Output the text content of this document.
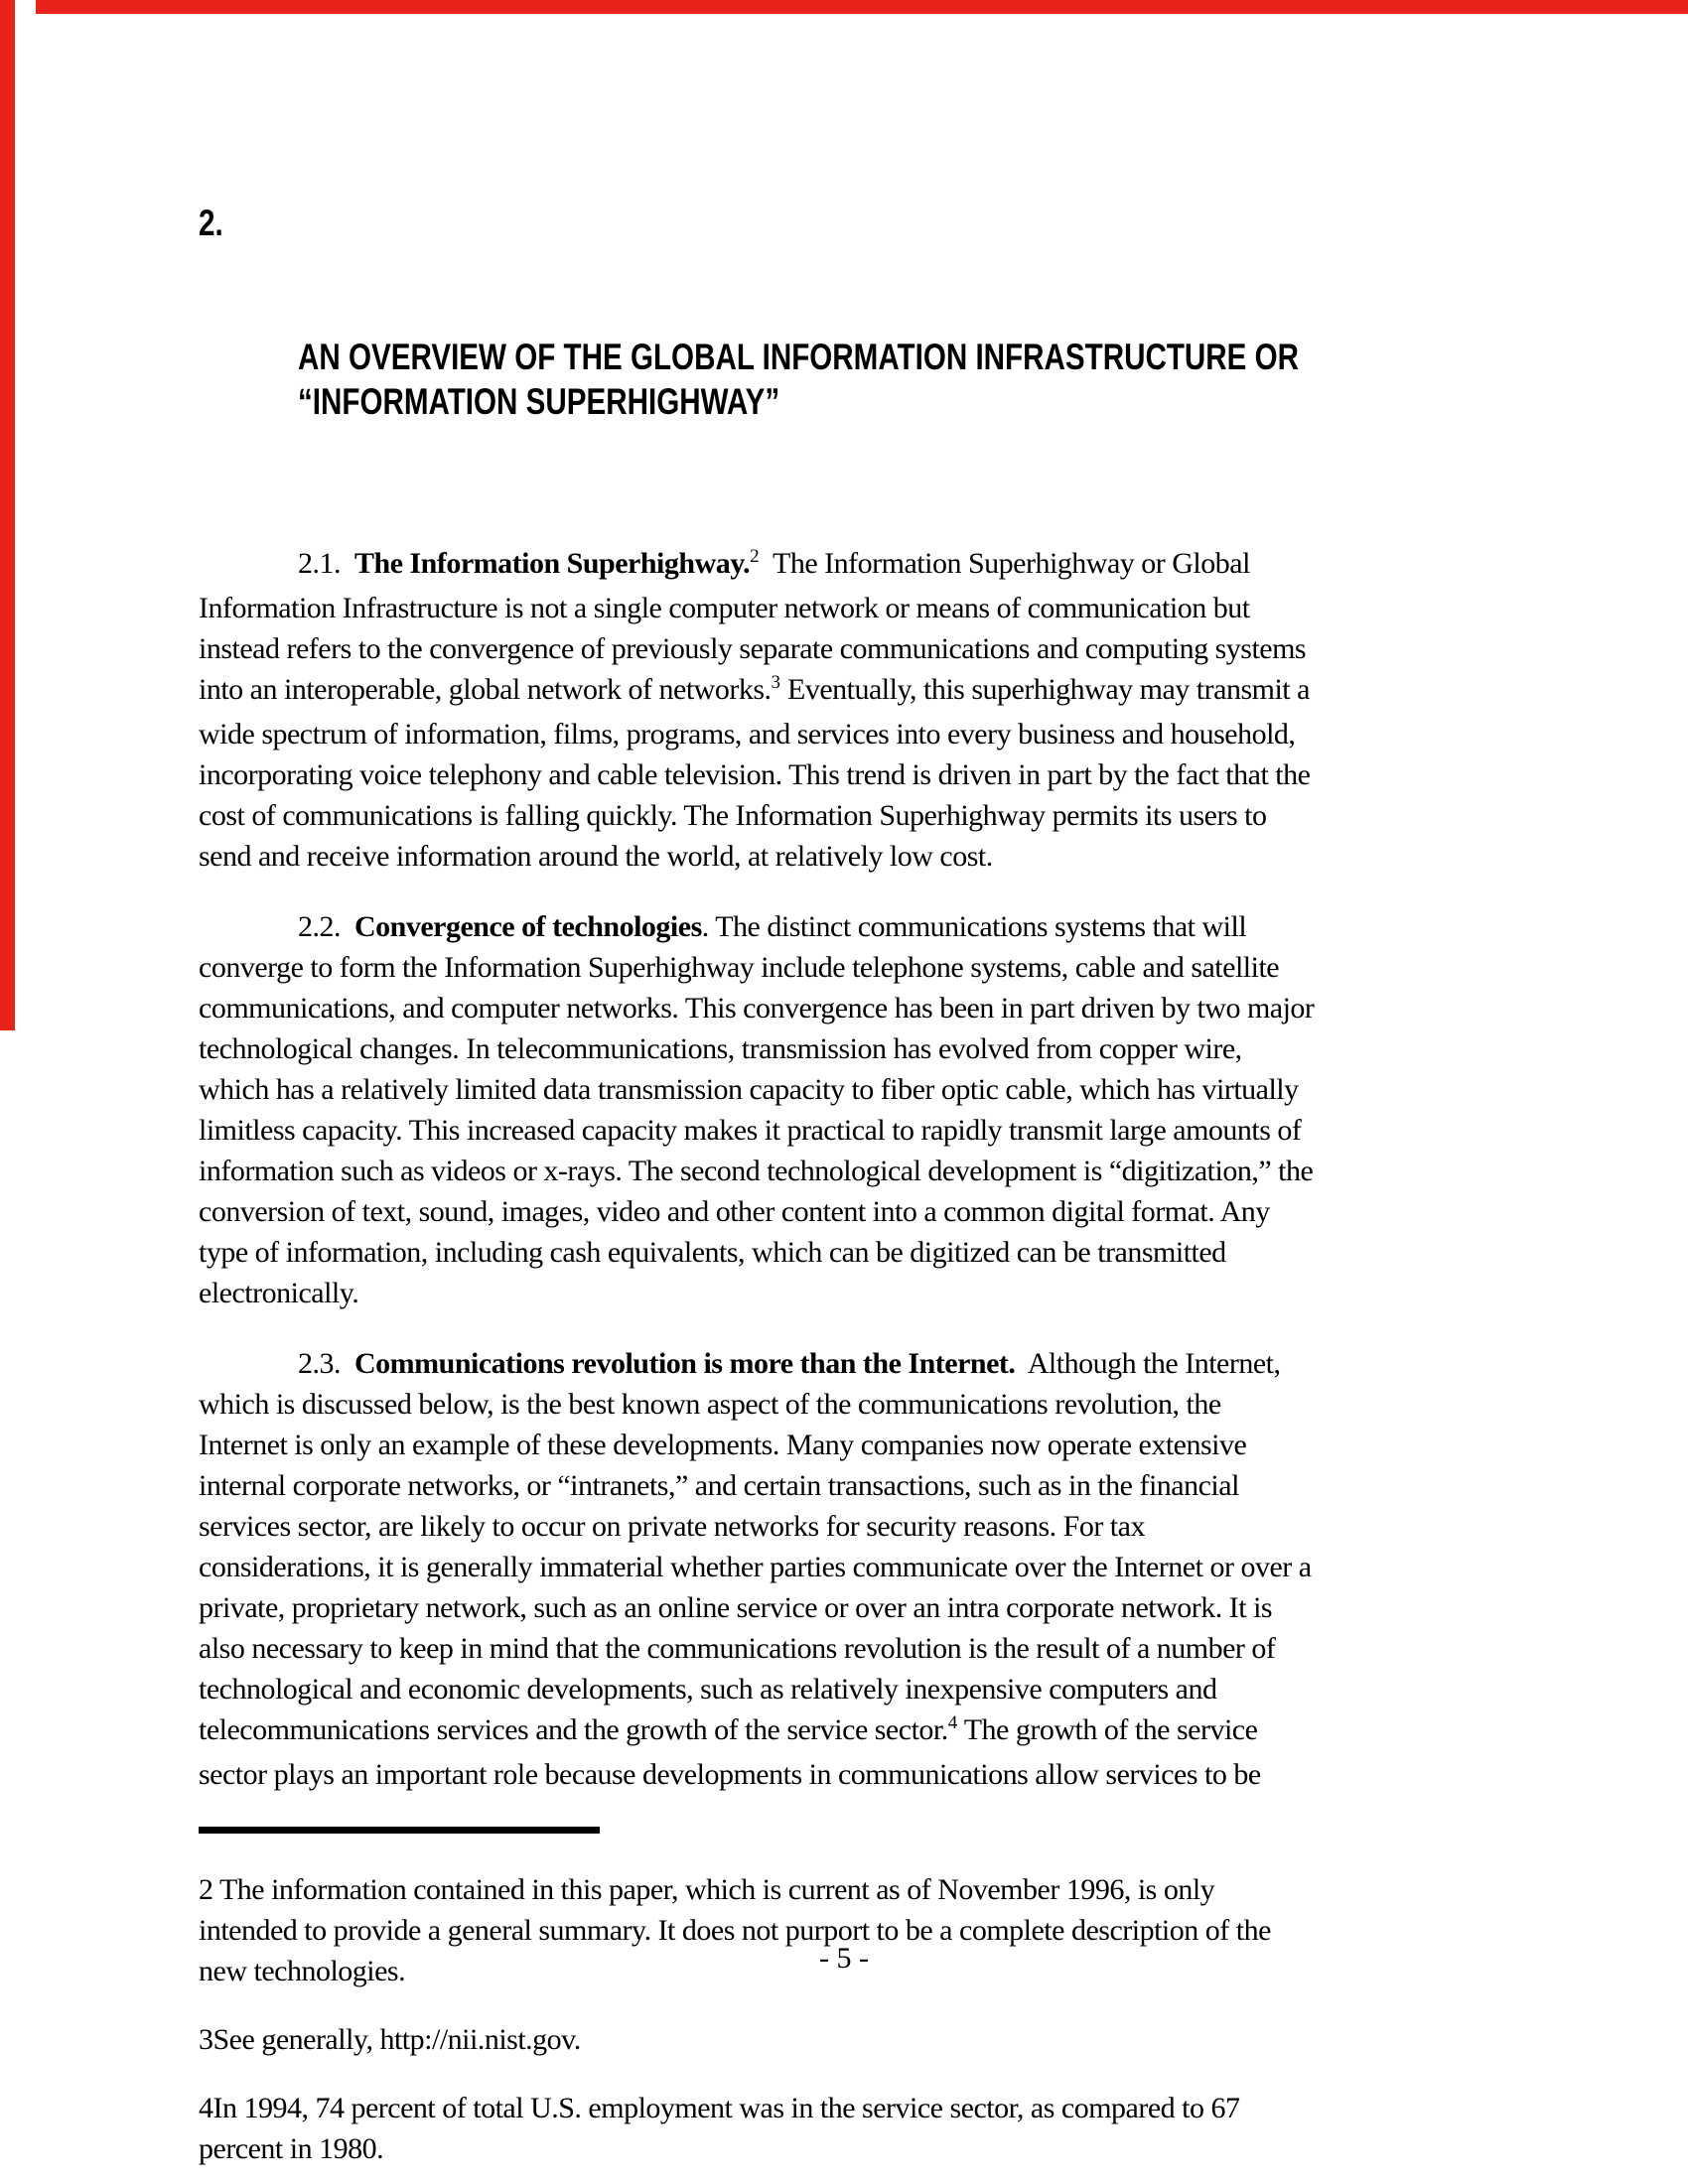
2.

AN OVERVIEW OF THE GLOBAL INFORMATION INFRASTRUCTURE OR
“INFORMATION SUPERHIGHWAY”

2.1.  The Information Superhighway.$^2$  The Information Superhighway or Global
Information Infrastructure is not a single computer network or means of communication but
instead refers to the convergence of previously separate communications and computing systems
into an interoperable, global network of networks.$^3$ Eventually, this superhighway may transmit a
wide spectrum of information, films, programs, and services into every business and household,
incorporating voice telephony and cable television. This trend is driven in part by the fact that the
cost of communications is falling quickly. The Information Superhighway permits its users to
send and receive information around the world, at relatively low cost.
2.2.  Convergence of technologies. The distinct communications systems that will
converge to form the Information Superhighway include telephone systems, cable and satellite
communications, and computer networks. This convergence has been in part driven by two major
technological changes. In telecommunications, transmission has evolved from copper wire,
which has a relatively limited data transmission capacity to fiber optic cable, which has virtually
limitless capacity. This increased capacity makes it practical to rapidly transmit large amounts of
information such as videos or x-rays. The second technological development is “digitization,” the
conversion of text, sound, images, video and other content into a common digital format. Any
type of information, including cash equivalents, which can be digitized can be transmitted
electronically.
2.3.  Communications revolution is more than the Internet.  Although the Internet,
which is discussed below, is the best known aspect of the communications revolution, the
Internet is only an example of these developments. Many companies now operate extensive
internal corporate networks, or “intranets,” and certain transactions, such as in the financial
services sector, are likely to occur on private networks for security reasons. For tax
considerations, it is generally immaterial whether parties communicate over the Internet or over a
private, proprietary network, such as an online service or over an intra corporate network. It is
also necessary to keep in mind that the communications revolution is the result of a number of
technological and economic developments, such as relatively inexpensive computers and
telecommunications services and the growth of the service sector.$^4$ The growth of the service
sector plays an important role because developments in communications allow services to be
2 The information contained in this paper, which is current as of November 1996, is only
intended to provide a general summary. It does not purport to be a complete description of the
new technologies.
3See generally, http://nii.nist.gov.
4In 1994, 74 percent of total U.S. employment was in the service sector, as compared to 67
percent in 1980.
- 5 -
